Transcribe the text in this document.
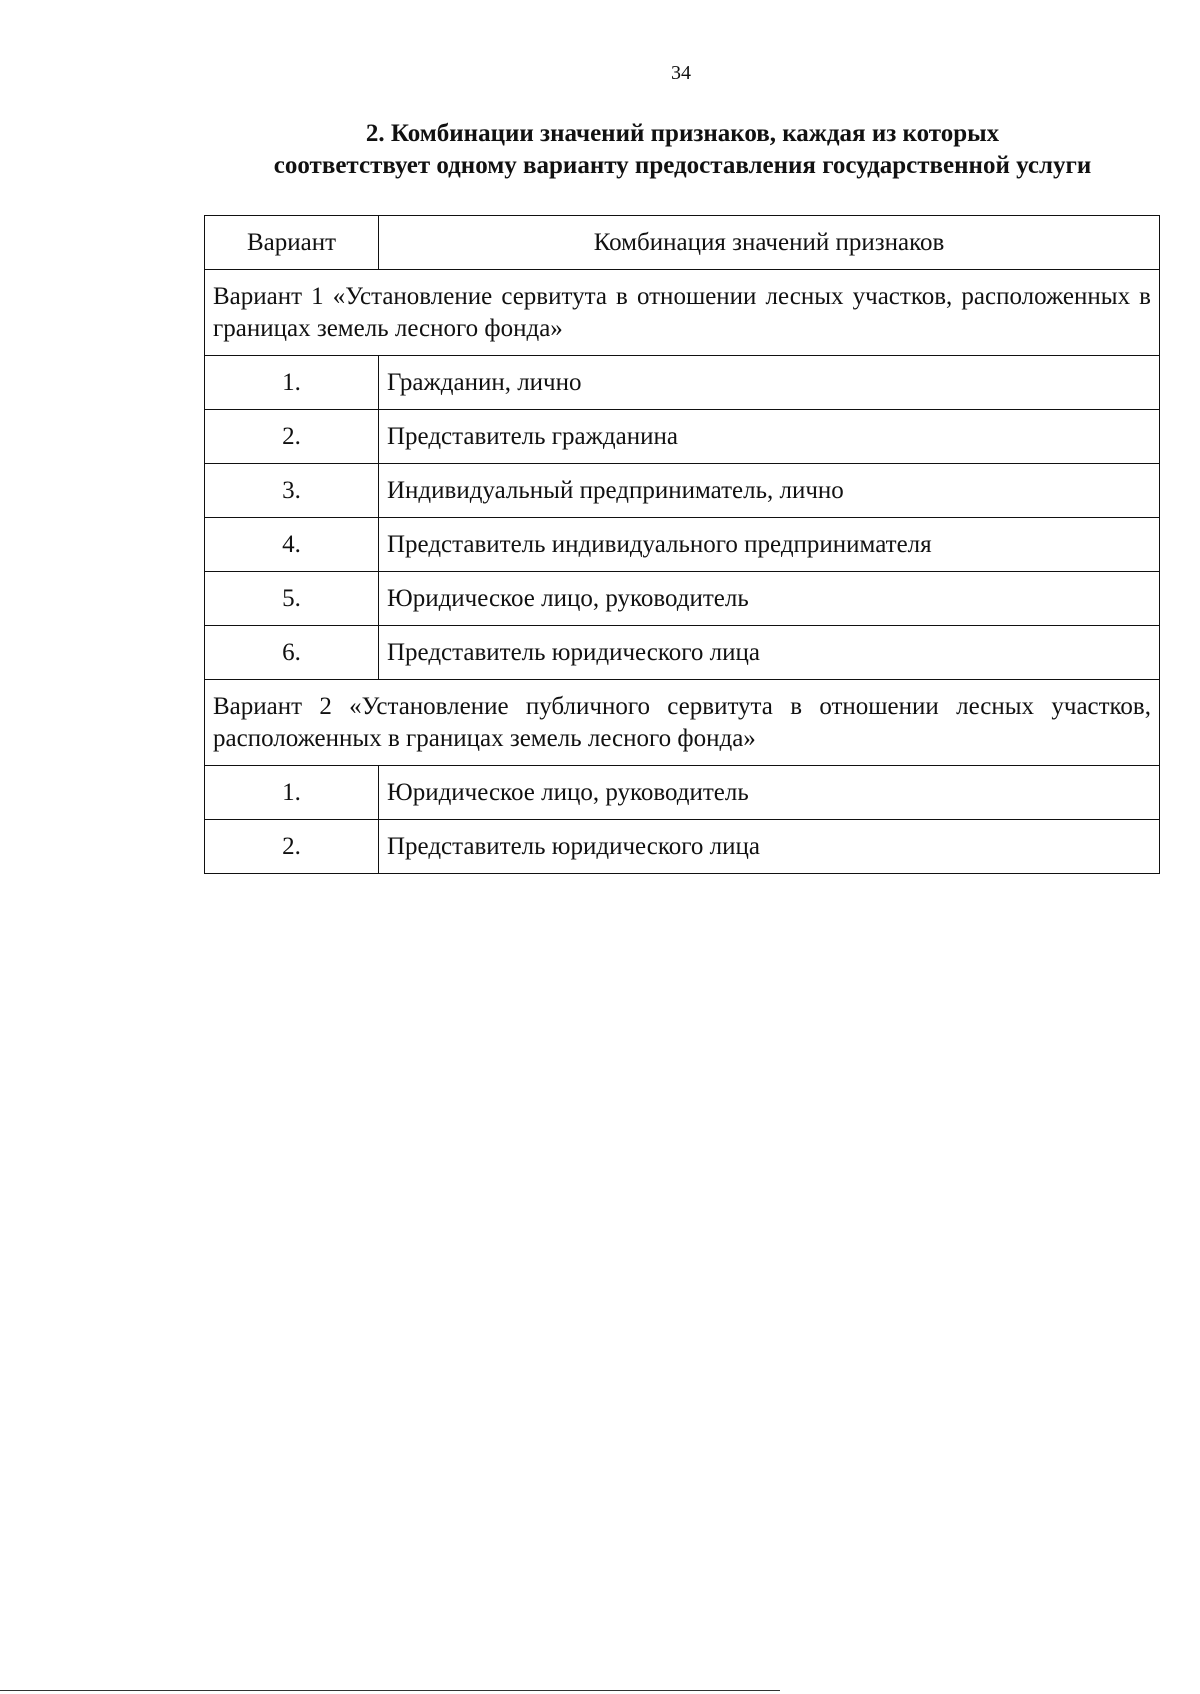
34
2. Комбинации значений признаков, каждая из которых
соответствует одному варианту предоставления государственной услуги
Вариант	Комбинация значений признаков
Вариант 1 «Установление сервитута в отношении лесных участков, расположенных в границах земель лесного фонда»	
1.	Гражданин, лично
2.	Представитель гражданина
3.	Индивидуальный предприниматель, лично
4.	Представитель индивидуального предпринимателя
5.	Юридическое лицо, руководитель
6.	Представитель юридического лица
Вариант 2 «Установление публичного сервитута в отношении лесных участков, расположенных в границах земель лесного фонда»	
1.	Юридическое лицо, руководитель
2.	Представитель юридического лица
